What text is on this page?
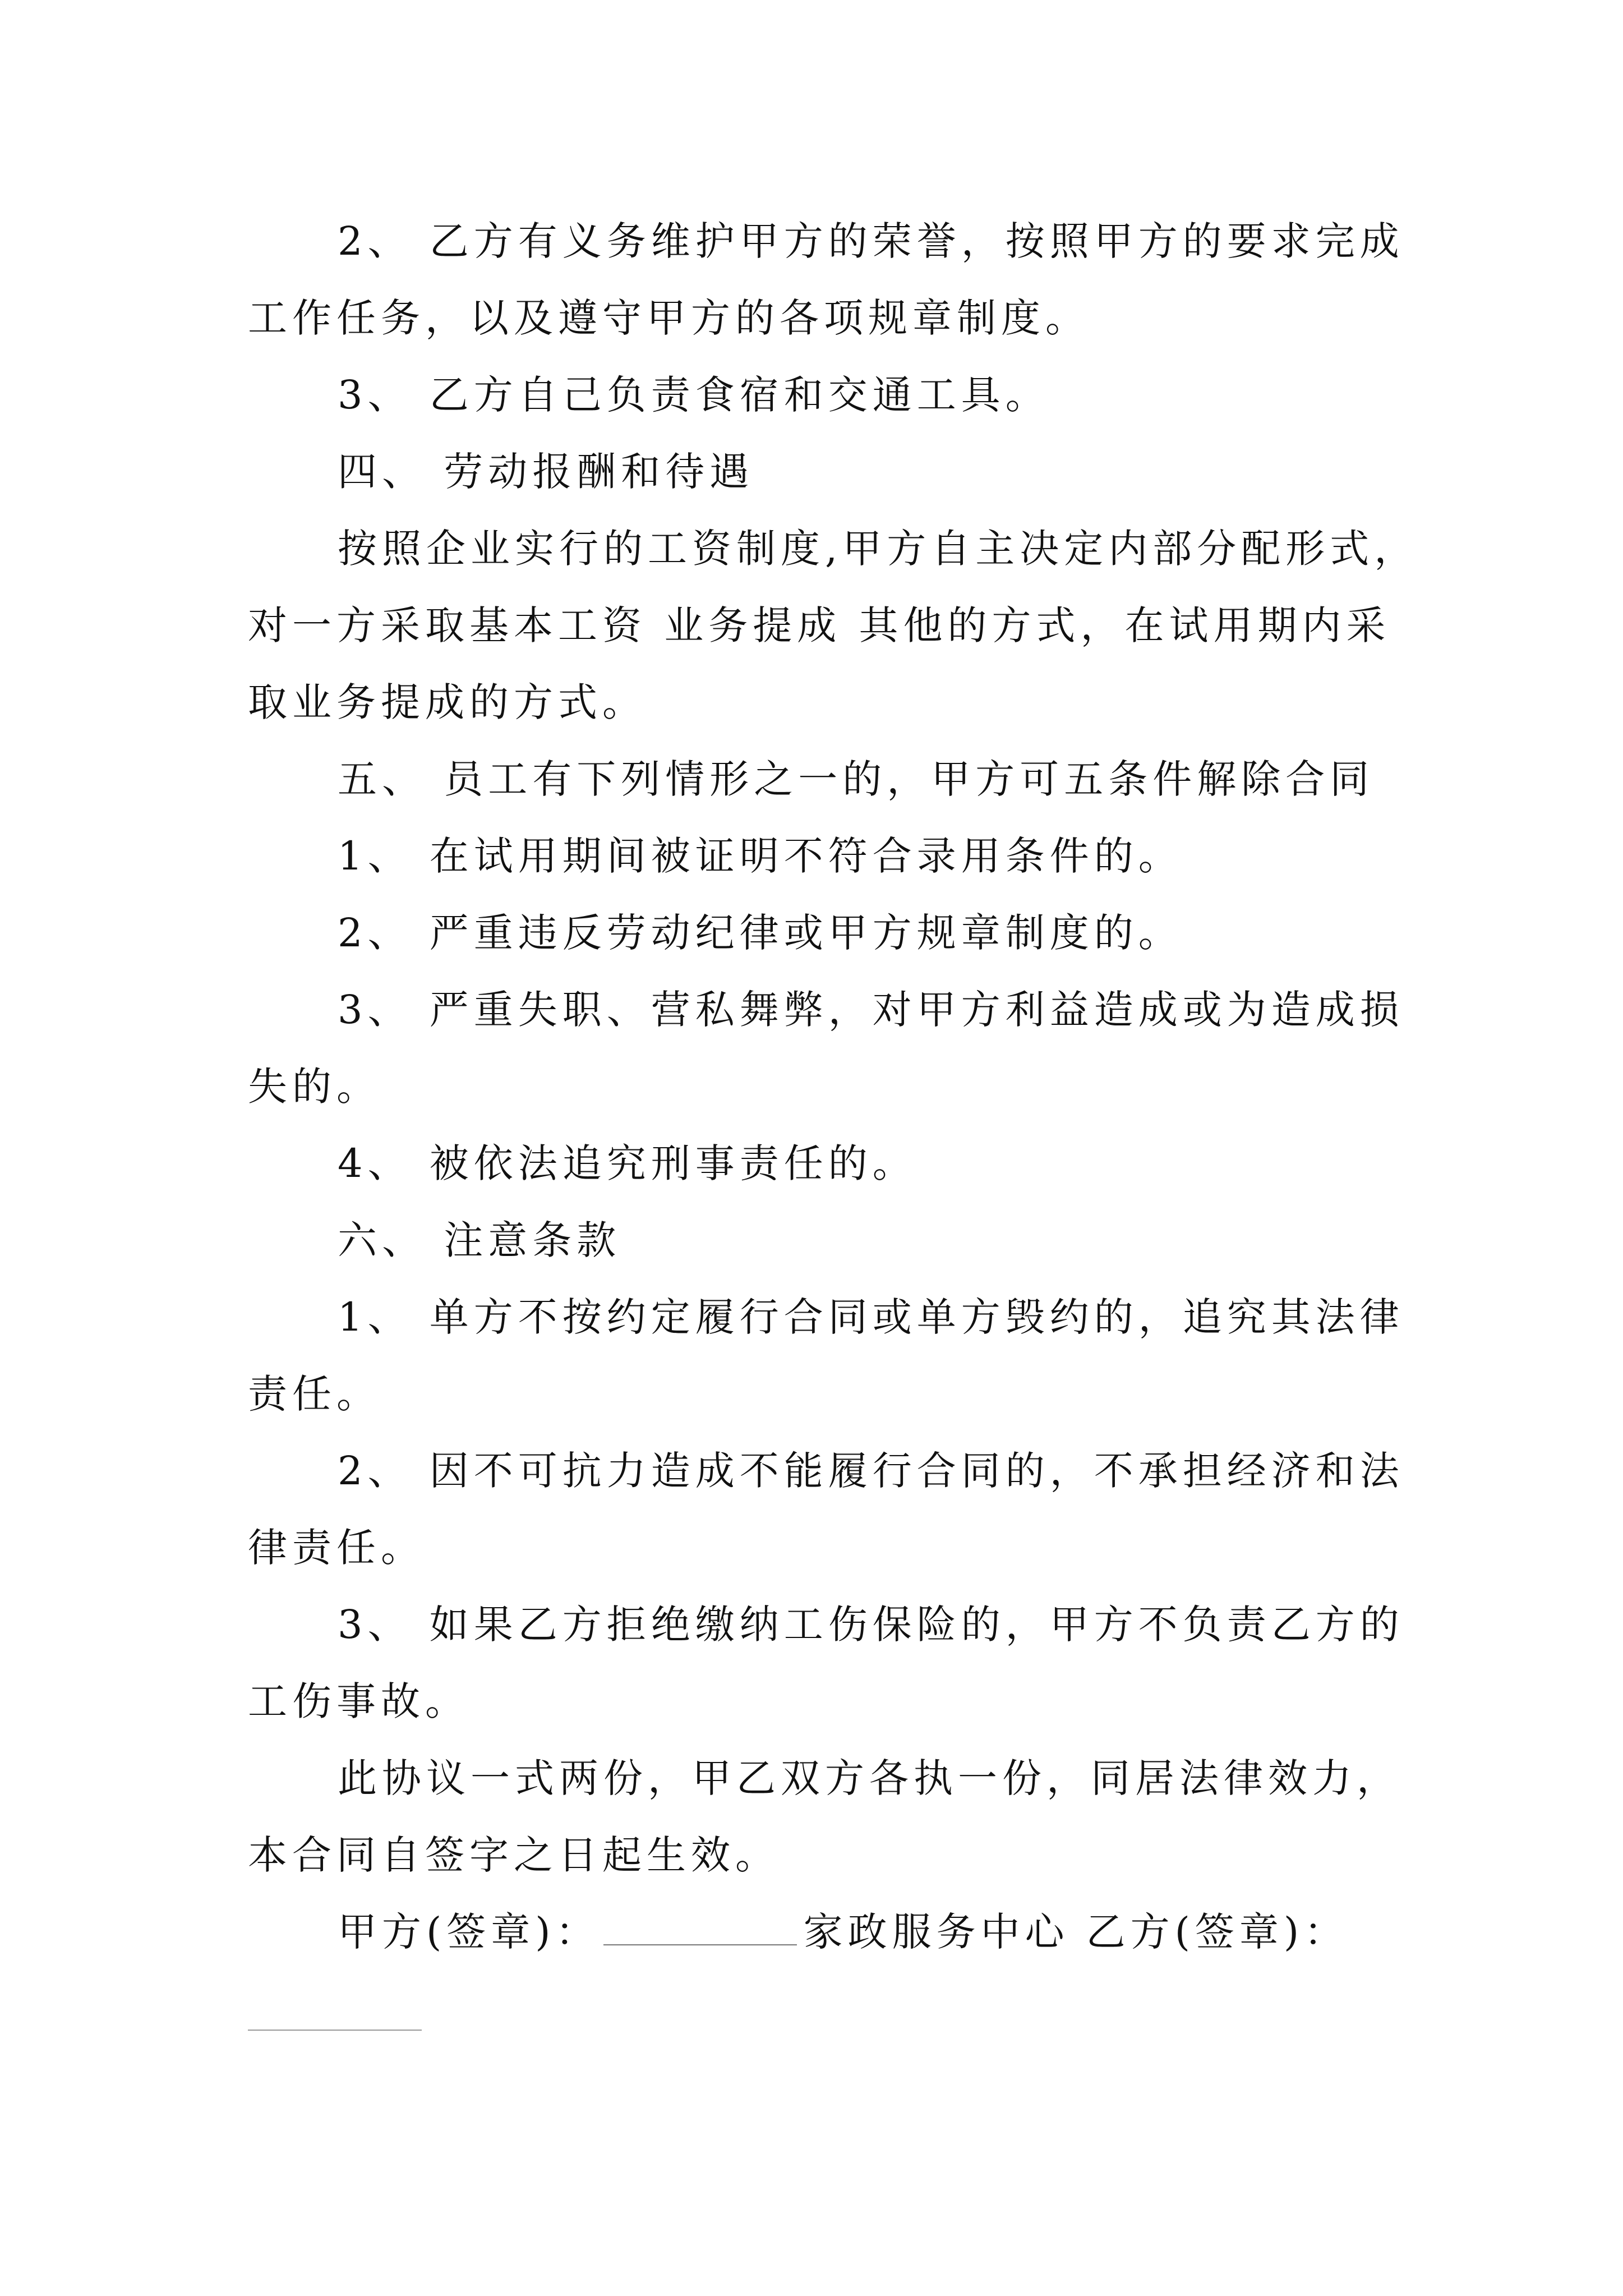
2、 乙方有义务维护甲方的荣誉，按照甲方的要求完成
工作任务，以及遵守甲方的各项规章制度。
3、 乙方自己负责食宿和交通工具。
四、 劳动报酬和待遇
按照企业实行的工资制度,甲方自主决定内部分配形式，
对一方采取基本工资 业务提成 其他的方式，在试用期内采
取业务提成的方式。
五、 员工有下列情形之一的，甲方可五条件解除合同
1、 在试用期间被证明不符合录用条件的。
2、 严重违反劳动纪律或甲方规章制度的。
3、 严重失职、营私舞弊，对甲方利益造成或为造成损
失的。
4、 被依法追究刑事责任的。
六、 注意条款
1、 单方不按约定履行合同或单方毁约的，追究其法律
责任。
2、 因不可抗力造成不能履行合同的，不承担经济和法
律责任。
3、 如果乙方拒绝缴纳工伤保险的，甲方不负责乙方的
工伤事故。
此协议一式两份，甲乙双方各执一份，同居法律效力，
本合同自签字之日起生效。
甲方(签章)：	家政服务中心 乙方(签章)：
